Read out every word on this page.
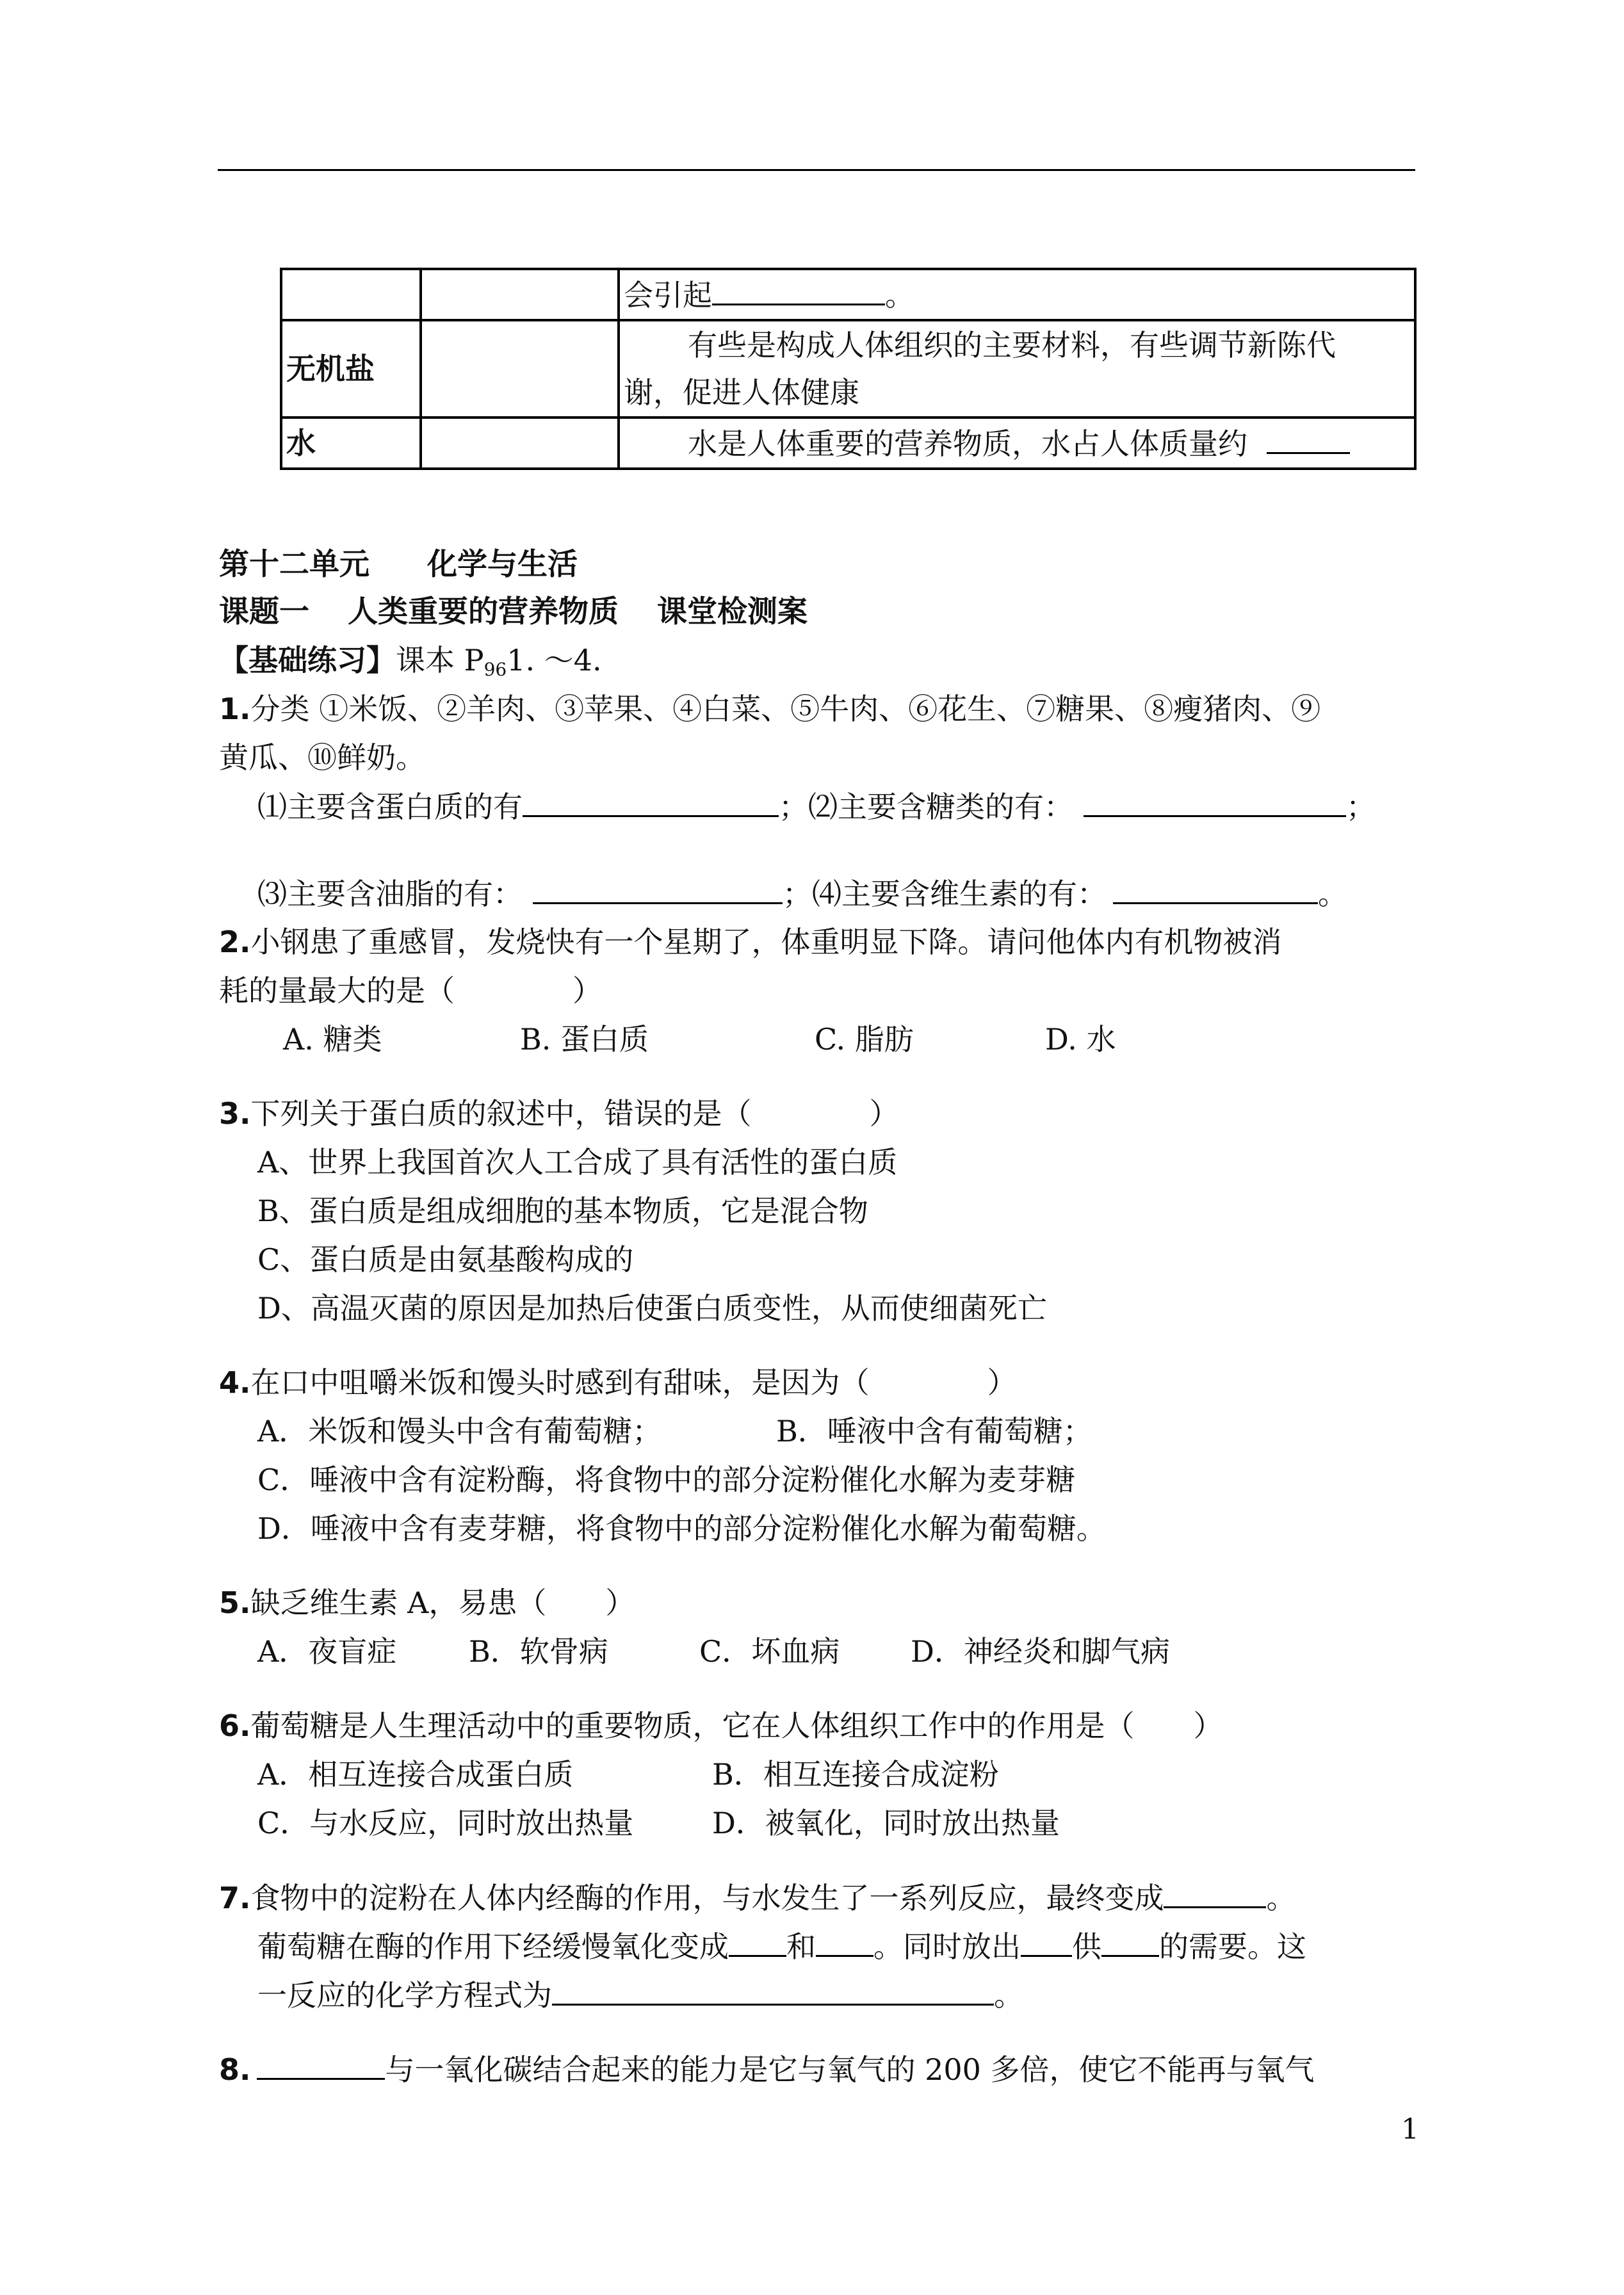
		会引起 。
无机盐		有些是构成人体组织的主要材料，有些调节新陈代
谢，促进人体健康

水		水是人体重要的营养物质，水占人体质量约
第十二单元 化学与生活
课题一 人类重要的营养物质 课堂检测案
【基础练习】课本 $P_{96}1$. ～4.
1.分类 ①米饭、②羊肉、③苹果、④白菜、⑤牛肉、⑥花生、⑦糖果、⑧瘦猪肉、⑨
黄瓜、⑩鲜奶。
⑴主要含蛋白质的有	；⑵主要含糖类的有：	；
⑶主要含油脂的有：	；⑷主要含维生素的有：	。
2.小钢患了重感冒，发烧快有一个星期了，体重明显下降。请问他体内有机物被消
耗的量最大的是（　　　　）
A. 糖类	B. 蛋白质	C. 脂肪	D. 水
3.下列关于蛋白质的叙述中，错误的是（　　　　）
A、世界上我国首次人工合成了具有活性的蛋白质
B、蛋白质是组成细胞的基本物质，它是混合物
C、蛋白质是由氨基酸构成的
D、高温灭菌的原因是加热后使蛋白质变性，从而使细菌死亡
4.在口中咀嚼米饭和馒头时感到有甜味，是因为（　　　　）
A．米饭和馒头中含有葡萄糖；	B．唾液中含有葡萄糖；
C．唾液中含有淀粉酶，将食物中的部分淀粉催化水解为麦芽糖
D．唾液中含有麦芽糖，将食物中的部分淀粉催化水解为葡萄糖。
5.缺乏维生素 A，易患（　　）
A．夜盲症 B．软骨病	C．坏血病 D．神经炎和脚气病
6.葡萄糖是人生理活动中的重要物质，它在人体组织工作中的作用是（　　）
A．相互连接合成蛋白质	B．相互连接合成淀粉
C．与水反应，同时放出热量	D．被氧化，同时放出热量
7.食物中的淀粉在人体内经酶的作用，与水发生了一系列反应，最终变成	。
葡萄糖在酶的作用下经缓慢氧化变成 和 。同时放出 供 的需要。这
一反应的化学方程式为	。
8.	与一氧化碳结合起来的能力是它与氧气的 200 多倍，使它不能再与氧气
1
